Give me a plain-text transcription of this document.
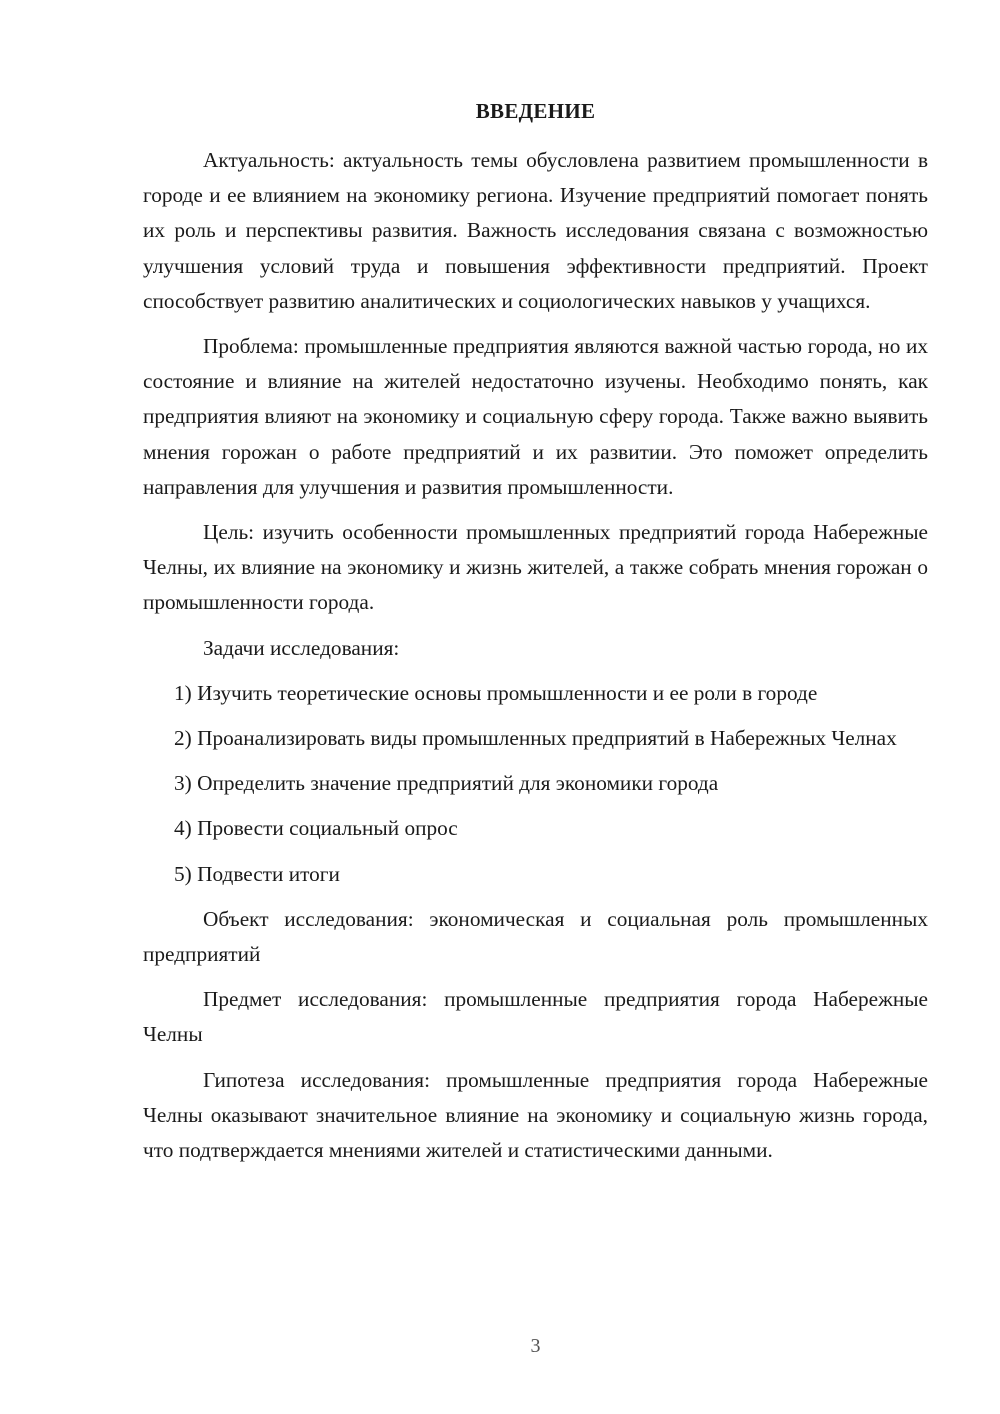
ВВЕДЕНИЕ

Актуальность: актуальность темы обусловлена развитием промышленности в городе и ее влиянием на экономику региона. Изучение предприятий помогает понять их роль и перспективы развития. Важность исследования связана с возможностью улучшения условий труда и повышения эффективности предприятий. Проект способствует развитию аналитических и социологических навыков у учащихся.

Проблема: промышленные предприятия являются важной частью города, но их состояние и влияние на жителей недостаточно изучены. Необходимо понять, как предприятия влияют на экономику и социальную сферу города. Также важно выявить мнения горожан о работе предприятий и их развитии. Это поможет определить направления для улучшения и развития промышленности.

Цель: изучить особенности промышленных предприятий города Набережные Челны, их влияние на экономику и жизнь жителей, а также собрать мнения горожан о промышленности города.

Задачи исследования:

1) Изучить теоретические основы промышленности и ее роли в городе

2) Проанализировать виды промышленных предприятий в Набережных Челнах

3) Определить значение предприятий для экономики города

4) Провести социальный опрос

5) Подвести итоги

Объект исследования: экономическая и социальная роль промышленных предприятий

Предмет исследования: промышленные предприятия города Набережные Челны

Гипотеза исследования: промышленные предприятия города Набережные Челны оказывают значительное влияние на экономику и социальную жизнь города, что подтверждается мнениями жителей и статистическими данными.

3
